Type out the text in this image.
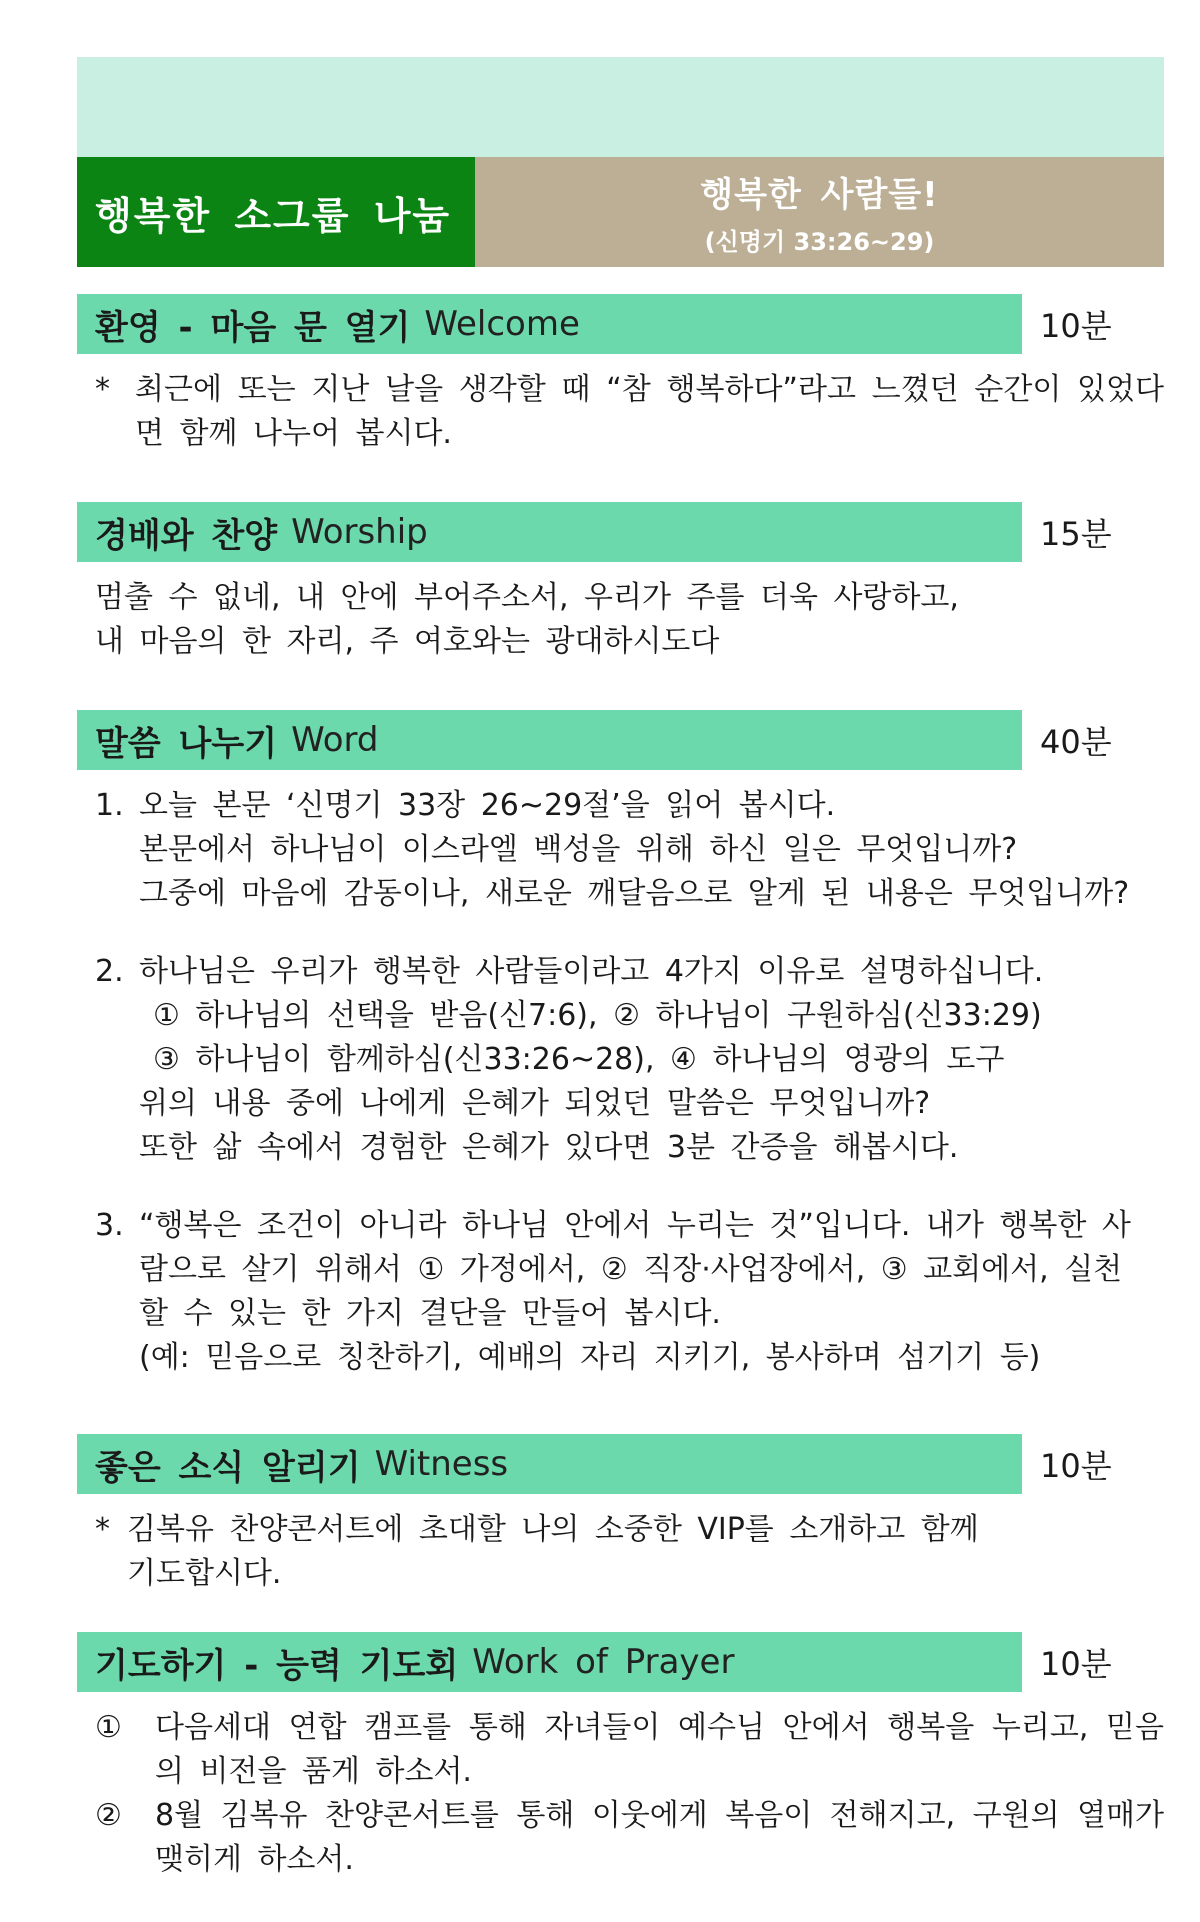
행복한 소그룹 나눔	행복한 사람들!
(신명기 33:26~29)
환영 - 마음 문 열기 Welcome	10분
* 최근에 또는 지난 날을 생각할 때 “참 행복하다”라고 느꼈던 순간이 있었다면 함께 나누어 봅시다.
경배와 찬양 Worship	15분

멈출 수 없네, 내 안에 부어주소서, 우리가 주를 더욱 사랑하고,

내 마음의 한 자리, 주 여호와는 광대하시도다

말씀 나누기 Word	40분
1. 오늘 본문 ‘신명기 33장 26~29절’을 읽어 봅시다.
본문에서 하나님이 이스라엘 백성을 위해 하신 일은 무엇입니까?
그중에 마음에 감동이나, 새로운 깨달음으로 알게 된 내용은 무엇입니까?
2. 하나님은 우리가 행복한 사람들이라고 4가지 이유로 설명하십니다.
① 하나님의 선택을 받음(신7:6), ② 하나님이 구원하심(신33:29)
③ 하나님이 함께하심(신33:26~28), ④ 하나님의 영광의 도구
위의 내용 중에 나에게 은혜가 되었던 말씀은 무엇입니까?
또한 삶 속에서 경험한 은혜가 있다면 3분 간증을 해봅시다.
3. “행복은 조건이 아니라 하나님 안에서 누리는 것”입니다. 내가 행복한 사
람으로 살기 위해서 ① 가정에서, ② 직장·사업장에서, ③ 교회에서, 실천
할 수 있는 한 가지 결단을 만들어 봅시다.
(예: 믿음으로 칭찬하기, 예배의 자리 지키기, 봉사하며 섬기기 등)
좋은 소식 알리기 Witness	10분
* 김복유 찬양콘서트에 초대할 나의 소중한 VIP를 소개하고 함께
기도합시다.
기도하기 - 능력 기도회 Work of Prayer	10분
①	다음세대 연합 캠프를 통해 자녀들이 예수님 안에서 행복을 누리고, 믿음의 비전을 품게 하소서.
②	8월 김복유 찬양콘서트를 통해 이웃에게 복음이 전해지고, 구원의 열매가 맺히게 하소서.
